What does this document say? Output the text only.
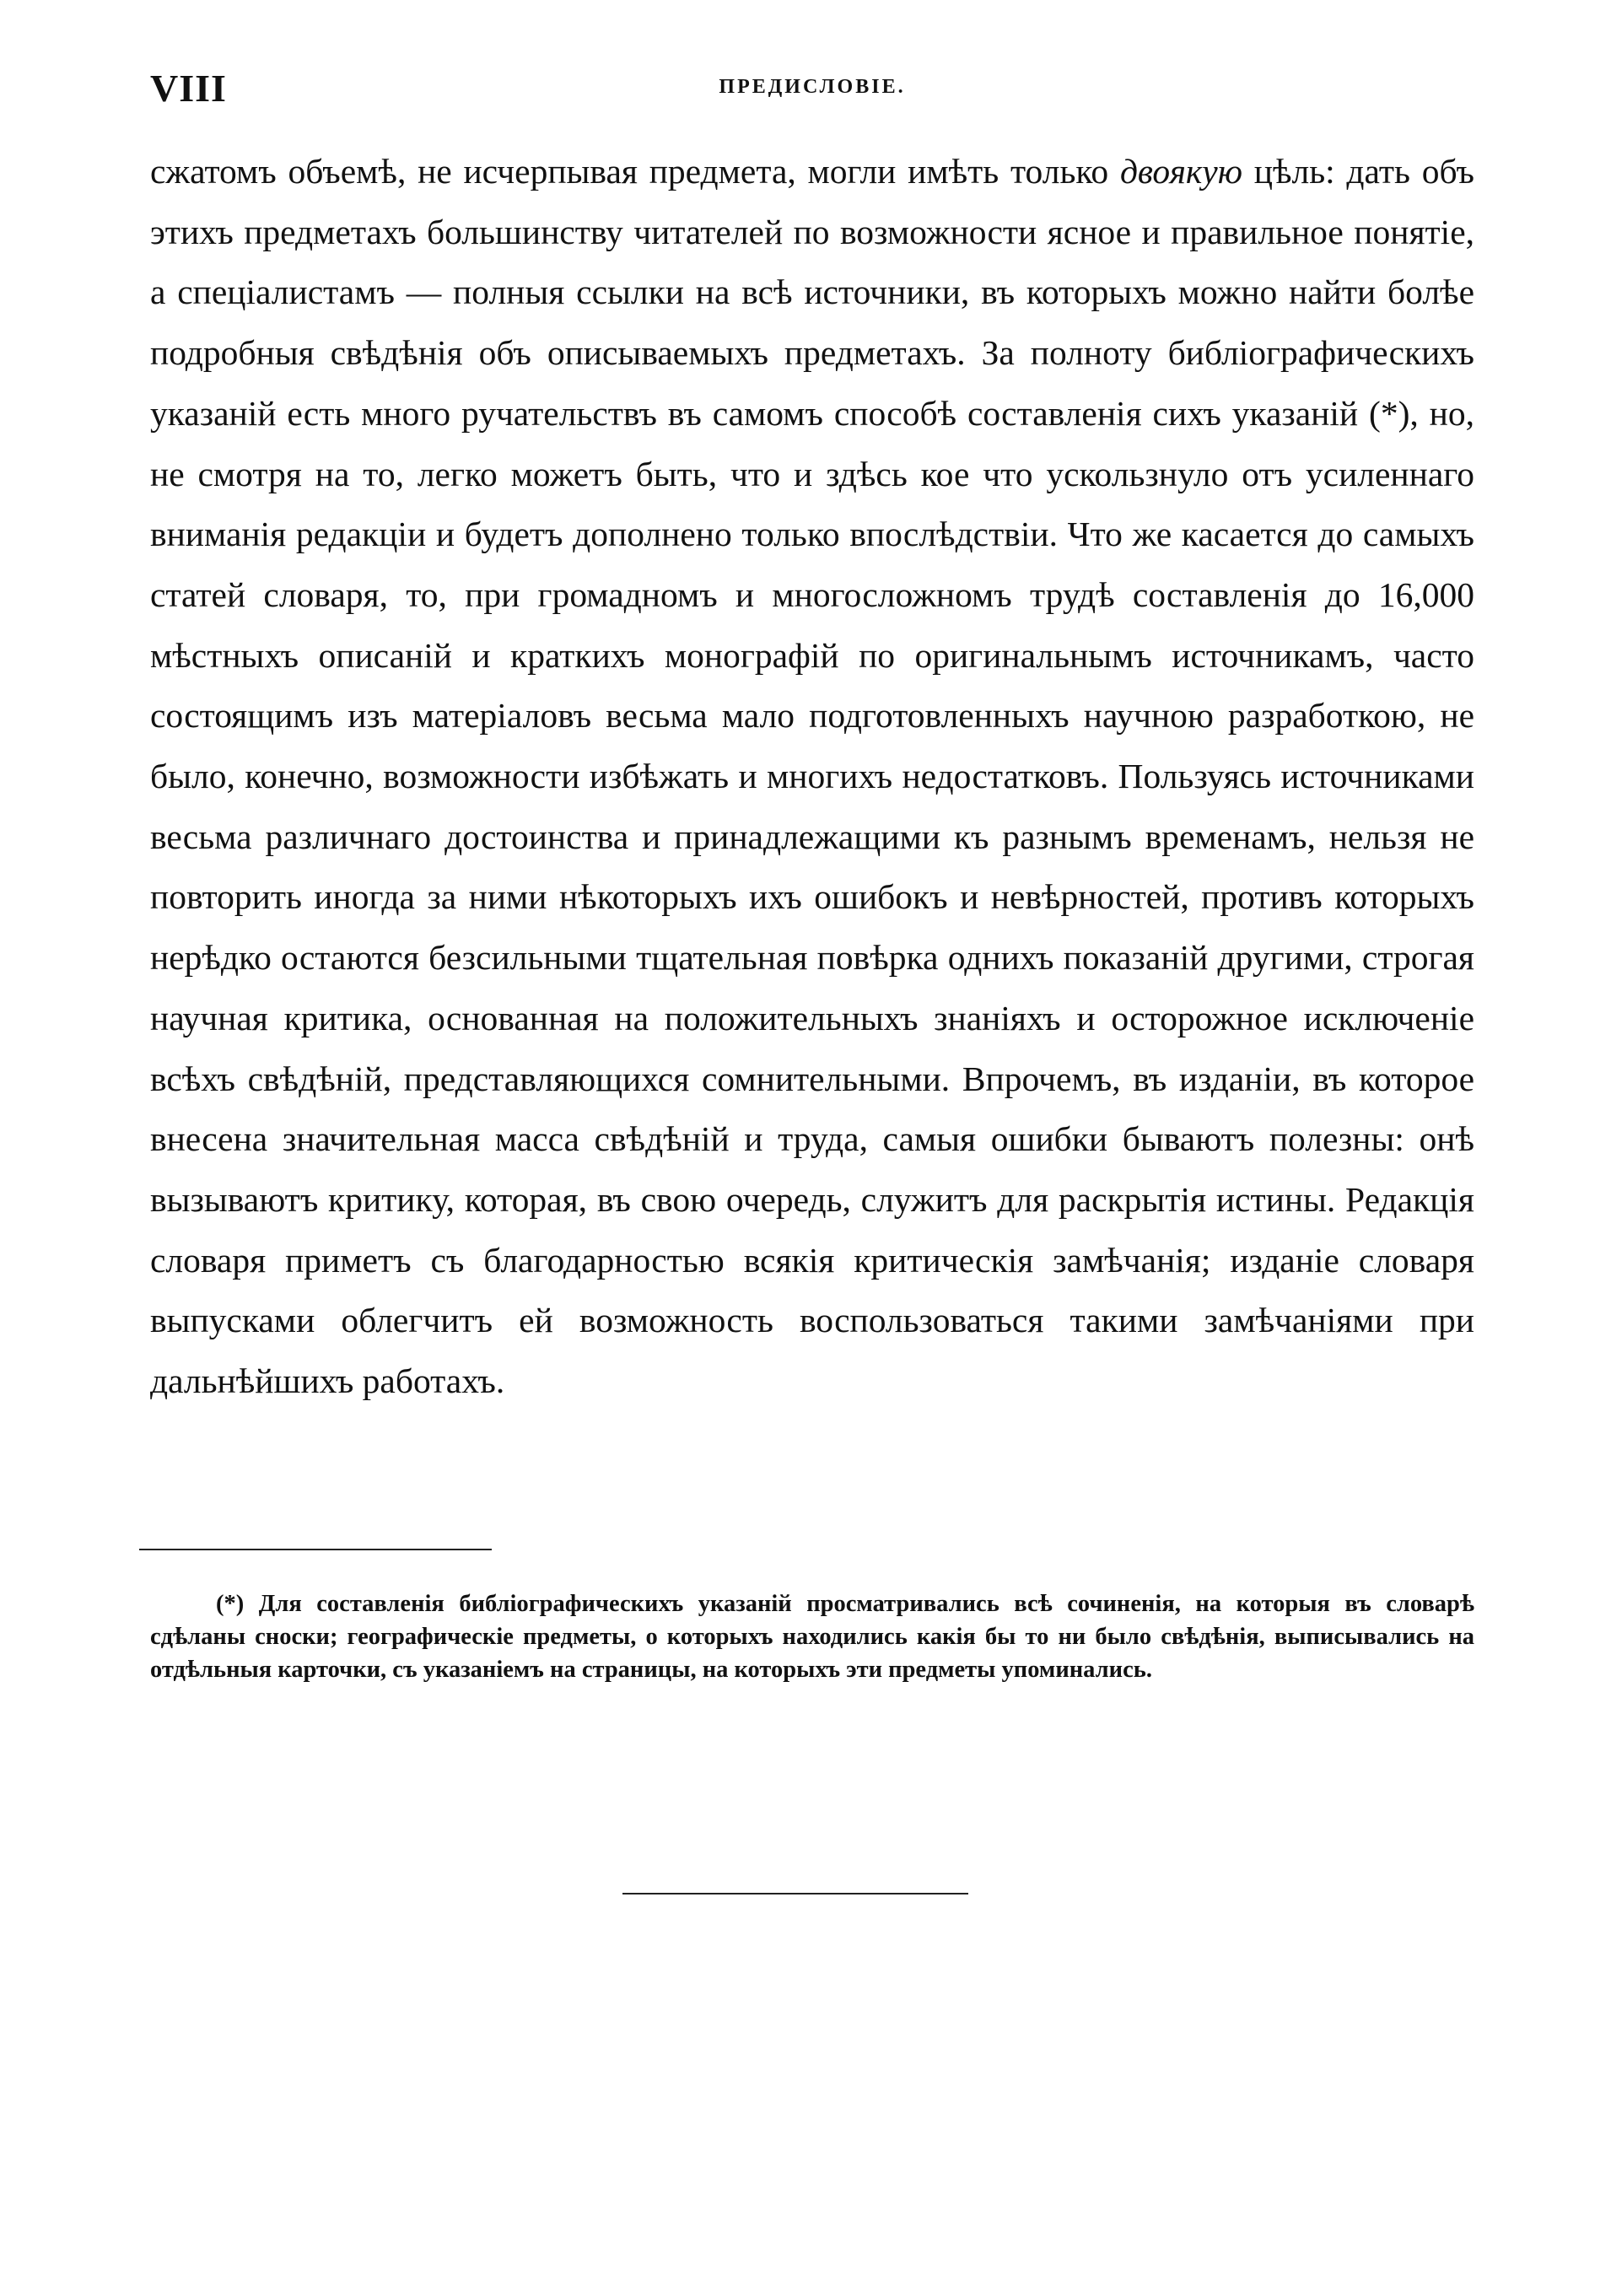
VIII	ПРЕДИСЛОВІЕ.

сжатомъ объемѣ, не исчерпывая предмета, могли имѣть только двоякую цѣль: дать объ этихъ предметахъ большинству читателей по возможности ясное и правильное понятіе, а спеціалистамъ — полныя ссылки на всѣ источники, въ которыхъ можно найти болѣе подробныя свѣдѣнія объ описываемыхъ предметахъ. За полноту библіографическихъ указаній есть много ручательствъ въ самомъ способѣ составленія сихъ указаній (*), но, не смотря на то, легко можетъ быть, что и здѣсь кое что ускользнуло отъ усиленнаго вниманія редакціи и будетъ дополнено только впослѣдствіи. Что же касается до самыхъ статей словаря, то, при громадномъ и многосложномъ трудѣ составленія до 16,000 мѣстныхъ описаній и краткихъ монографій по оригинальнымъ источникамъ, часто состоящимъ изъ матеріаловъ весьма мало подготовленныхъ научною разработкою, не было, конечно, возможности избѣжать и многихъ недостатковъ. Пользуясь источниками весьма различнаго достоинства и принадлежащими къ разнымъ временамъ, нельзя не повторить иногда за ними нѣкоторыхъ ихъ ошибокъ и невѣрностей, противъ которыхъ нерѣдко остаются безсильными тщательная повѣрка однихъ показаній другими, строгая научная критика, основанная на положительныхъ знаніяхъ и осторожное исключеніе всѣхъ свѣдѣній, представляющихся сомнительными. Впрочемъ, въ изданіи, въ которое внесена значительная масса свѣдѣній и труда, самыя ошибки бываютъ полезны: онѣ вызываютъ критику, которая, въ свою очередь, служитъ для раскрытія истины. Редакція словаря приметъ съ благодарностью всякія критическія замѣчанія; изданіе словаря выпусками облегчитъ ей возможность воспользоваться такими замѣчаніями при дальнѣйшихъ работахъ.

(*) Для составленія библіографическихъ указаній просматривались всѣ сочиненія, на которыя въ словарѣ сдѣланы сноски; географическіе предметы, о которыхъ находились какія бы то ни было свѣдѣнія, выписывались на отдѣльныя карточки, съ указаніемъ на страницы, на которыхъ эти предметы упоминались.
